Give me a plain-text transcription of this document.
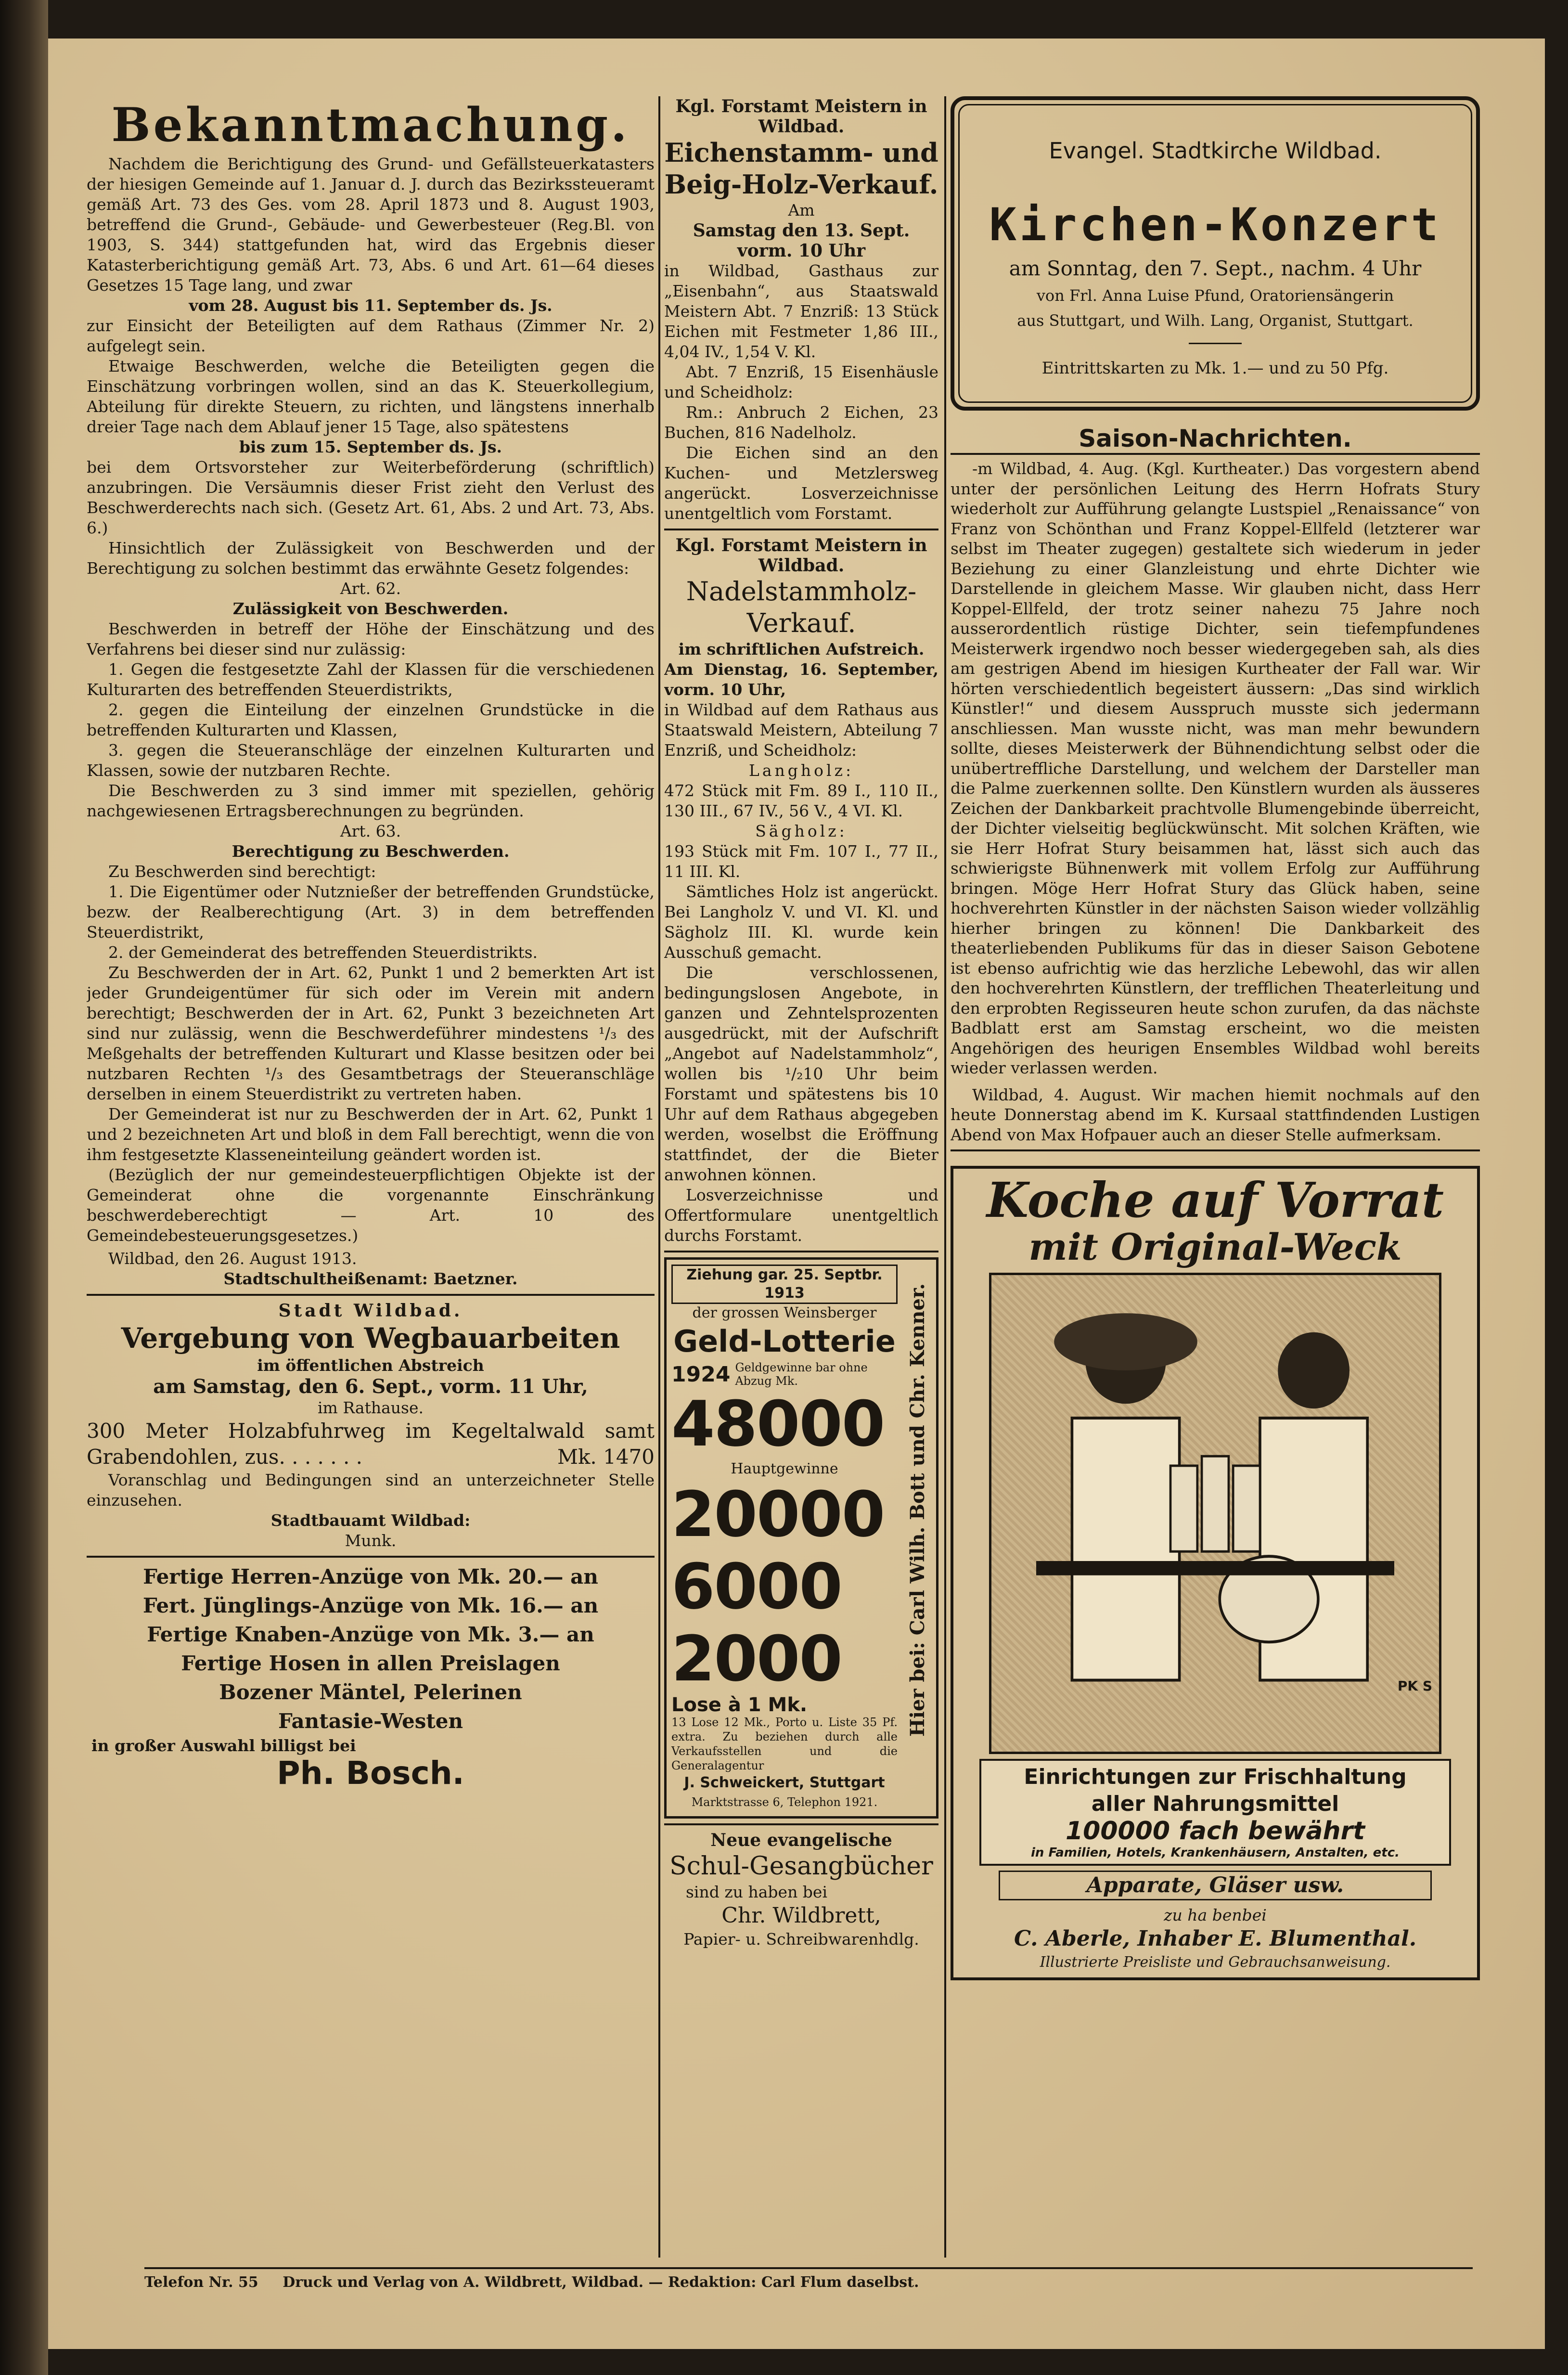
Bekanntmachung.

Nachdem die Berichtigung des Grund- und Gefällsteuerkatasters der hiesigen Gemeinde auf 1. Januar d. J. durch das Bezirkssteueramt gemäß Art. 73 des Ges. vom 28. April 1873 und 8. August 1903, betreffend die Grund-, Gebäude- und Gewerbesteuer (Reg.Bl. von 1903, S. 344) stattgefunden hat, wird das Ergebnis dieser Katasterberichtigung gemäß Art. 73, Abs. 6 und Art. 61—64 dieses Gesetzes 15 Tage lang, und zwar

vom 28. August bis 11. September ds. Js.

zur Einsicht der Beteiligten auf dem Rathaus (Zimmer Nr. 2) aufgelegt sein.

Etwaige Beschwerden, welche die Beteiligten gegen die Einschätzung vorbringen wollen, sind an das K. Steuerkollegium, Abteilung für direkte Steuern, zu richten, und längstens innerhalb dreier Tage nach dem Ablauf jener 15 Tage, also spätestens

bis zum 15. September ds. Js.

bei dem Ortsvorsteher zur Weiterbeförderung (schriftlich) anzubringen. Die Versäumnis dieser Frist zieht den Verlust des Beschwerderechts nach sich. (Gesetz Art. 61, Abs. 2 und Art. 73, Abs. 6.)

Hinsichtlich der Zulässigkeit von Beschwerden und der Berechtigung zu solchen bestimmt das erwähnte Gesetz folgendes:

Art. 62.

Zulässigkeit von Beschwerden.

Beschwerden in betreff der Höhe der Einschätzung und des Verfahrens bei dieser sind nur zulässig:

1. Gegen die festgesetzte Zahl der Klassen für die verschiedenen Kulturarten des betreffenden Steuerdistrikts,

2. gegen die Einteilung der einzelnen Grundstücke in die betreffenden Kulturarten und Klassen,

3. gegen die Steueranschläge der einzelnen Kulturarten und Klassen, sowie der nutzbaren Rechte.

Die Beschwerden zu 3 sind immer mit speziellen, gehörig nachgewiesenen Ertragsberechnungen zu begründen.

Art. 63.

Berechtigung zu Beschwerden.

Zu Beschwerden sind berechtigt:

1. Die Eigentümer oder Nutznießer der betreffenden Grundstücke, bezw. der Realberechtigung (Art. 3) in dem betreffenden Steuerdistrikt,

2. der Gemeinderat des betreffenden Steuerdistrikts.

Zu Beschwerden der in Art. 62, Punkt 1 und 2 bemerkten Art ist jeder Grundeigentümer für sich oder im Verein mit andern berechtigt; Beschwerden der in Art. 62, Punkt 3 bezeichneten Art sind nur zulässig, wenn die Beschwerdeführer mindestens ¹/₃ des Meßgehalts der betreffenden Kulturart und Klasse besitzen oder bei nutzbaren Rechten ¹/₃ des Gesamtbetrags der Steueranschläge derselben in einem Steuerdistrikt zu vertreten haben.

Der Gemeinderat ist nur zu Beschwerden der in Art. 62, Punkt 1 und 2 bezeichneten Art und bloß in dem Fall berechtigt, wenn die von ihm festgesetzte Klasseneinteilung geändert worden ist.

(Bezüglich der nur gemeindesteuerpflichtigen Objekte ist der Gemeinderat ohne die vorgenannte Einschränkung beschwerdeberechtigt — Art. 10 des Gemeindebesteuerungsgesetzes.)

Wildbad, den 26. August 1913.

Stadtschultheißenamt: Baetzner.

Stadt Wildbad.

Vergebung von Wegbauarbeiten

im öffentlichen Abstreich

am Samstag, den 6. Sept., vorm. 11 Uhr,

im Rathause.

300 Meter Holzabfuhrweg im Kegeltalwald samt Grabendohlen, zus. . . . . . .	Mk. 1470

Voranschlag und Bedingungen sind an unterzeichneter Stelle einzusehen.

Stadtbauamt Wildbad:

Munk.

Fertige Herren-Anzüge von Mk. 20.— an
Fert. Jünglings-Anzüge von Mk. 16.— an
Fertige Knaben-Anzüge von Mk. 3.— an
Fertige Hosen in allen Preislagen
Bozener Mäntel, Pelerinen
Fantasie-Westen

in großer Auswahl billigst bei

Ph. Bosch.

Kgl. Forstamt Meistern in Wildbad.

Eichenstamm- und Beig-Holz-Verkauf.

Am

Samstag den 13. Sept. vorm. 10 Uhr

in Wildbad, Gasthaus zur „Eisenbahn“, aus Staatswald Meistern Abt. 7 Enzriß: 13 Stück Eichen mit Festmeter 1,86 III., 4,04 IV., 1,54 V. Kl.

Abt. 7 Enzriß, 15 Eisenhäusle und Scheidholz:

Rm.: Anbruch 2 Eichen, 23 Buchen, 816 Nadelholz.

Die Eichen sind an den Kuchen- und Metzlersweg angerückt. Losverzeichnisse unentgeltlich vom Forstamt.

Kgl. Forstamt Meistern in Wildbad.

Nadelstammholz-Verkauf.

im schriftlichen Aufstreich.

Am Dienstag, 16. September, vorm. 10 Uhr,

in Wildbad auf dem Rathaus aus Staatswald Meistern, Abteilung 7 Enzriß, und Scheidholz:

Langholz:

472 Stück mit Fm. 89 I., 110 II., 130 III., 67 IV., 56 V., 4 VI. Kl.

Sägholz:

193 Stück mit Fm. 107 I., 77 II., 11 III. Kl.

Sämtliches Holz ist angerückt. Bei Langholz V. und VI. Kl. und Sägholz III. Kl. wurde kein Ausschuß gemacht.

Die verschlossenen, bedingungslosen Angebote, in ganzen und Zehntelsprozenten ausgedrückt, mit der Aufschrift „Angebot auf Nadelstammholz“, wollen bis ¹/₂10 Uhr beim Forstamt und spätestens bis 10 Uhr auf dem Rathaus abgegeben werden, woselbst die Eröffnung stattfindet, der die Bieter anwohnen können.

Losverzeichnisse und Offertformulare unentgeltlich durchs Forstamt.

Ziehung gar. 25. Septbr. 1913

der grossen Weinsberger

Geld-Lotterie
1924 Geldgewinne bar ohne Abzug Mk.
48000

Hauptgewinne

20000
6000
2000

Lose à 1 Mk.

13 Lose 12 Mk., Porto u. Liste 35 Pf. extra. Zu beziehen durch alle Verkaufsstellen und die Generalagentur

J. Schweickert, Stuttgart

Marktstrasse 6, Telephon 1921.

Hier bei: Carl Wilh. Bott und Chr. Kenner.

Neue evangelische

Schul-Gesangbücher

sind zu haben bei

Chr. Wildbrett,

Papier- u. Schreibwarenhdlg.

Evangel. Stadtkirche Wildbad.

Kirchen-Konzert

am Sonntag, den 7. Sept., nachm. 4 Uhr

von Frl. Anna Luise Pfund, Oratoriensängerin

aus Stuttgart, und Wilh. Lang, Organist, Stuttgart.

Eintrittskarten zu Mk. 1.— und zu 50 Pfg.

Saison-Nachrichten.

-m Wildbad, 4. Aug. (Kgl. Kurtheater.) Das vorgestern abend unter der persönlichen Leitung des Herrn Hofrats Stury wiederholt zur Aufführung gelangte Lustspiel „Renaissance“ von Franz von Schönthan und Franz Koppel-Ellfeld (letzterer war selbst im Theater zugegen) gestaltete sich wiederum in jeder Beziehung zu einer Glanzleistung und ehrte Dichter wie Darstellende in gleichem Masse. Wir glauben nicht, dass Herr Koppel-Ellfeld, der trotz seiner nahezu 75 Jahre noch ausserordentlich rüstige Dichter, sein tiefempfundenes Meisterwerk irgendwo noch besser wiedergegeben sah, als dies am gestrigen Abend im hiesigen Kurtheater der Fall war. Wir hörten verschiedentlich begeistert äussern: „Das sind wirklich Künstler!“ und diesem Ausspruch musste sich jedermann anschliessen. Man wusste nicht, was man mehr bewundern sollte, dieses Meisterwerk der Bühnendichtung selbst oder die unübertreffliche Darstellung, und welchem der Darsteller man die Palme zuerkennen sollte. Den Künstlern wurden als äusseres Zeichen der Dankbarkeit prachtvolle Blumengebinde überreicht, der Dichter vielseitig beglückwünscht. Mit solchen Kräften, wie sie Herr Hofrat Stury beisammen hat, lässt sich auch das schwierigste Bühnenwerk mit vollem Erfolg zur Aufführung bringen. Möge Herr Hofrat Stury das Glück haben, seine hochverehrten Künstler in der nächsten Saison wieder vollzählig hierher bringen zu können! Die Dankbarkeit des theaterliebenden Publikums für das in dieser Saison Gebotene ist ebenso aufrichtig wie das herzliche Lebewohl, das wir allen den hochverehrten Künstlern, der trefflichen Theaterleitung und den erprobten Regisseuren heute schon zurufen, da das nächste Badblatt erst am Samstag erscheint, wo die meisten Angehörigen des heurigen Ensembles Wildbad wohl bereits wieder verlassen werden.

Wildbad, 4. August. Wir machen hiemit nochmals auf den heute Donnerstag abend im K. Kursaal stattfindenden Lustigen Abend von Max Hofpauer auch an dieser Stelle aufmerksam.

Koche auf Vorrat
mit Original-Weck
PK S

Einrichtungen zur Frischhaltung

aller Nahrungsmittel

100000 fach bewährt

in Familien, Hotels, Krankenhäusern, Anstalten, etc.

Apparate, Gläser usw.

zu ha benbei

C. Aberle, Inhaber E. Blumenthal.

Illustrierte Preisliste und Gebrauchsanweisung.

Telefon Nr. 55 Druck und Verlag von A. Wildbrett, Wildbad. — Redaktion: Carl Flum daselbst.
